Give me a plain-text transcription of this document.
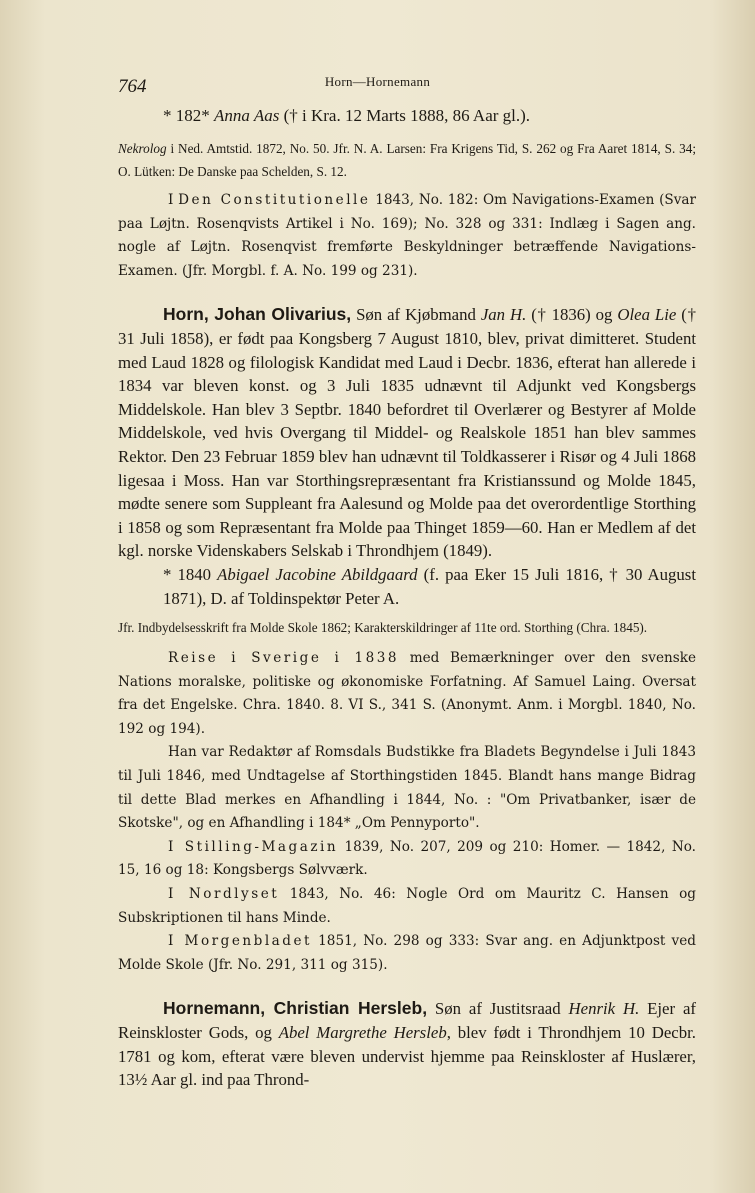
764	Horn—Hornemann

* 182* Anna Aas († i Kra. 12 Marts 1888, 86 Aar gl.).

Nekrolog i Ned. Amtstid. 1872, No. 50. Jfr. N. A. Larsen: Fra Krigens Tid, S. 262 og Fra Aaret 1814, S. 34; O. Lütken: De Danske paa Schelden, S. 12.

I Den Constitutionelle 1843, No. 182: Om Navigations-Examen (Svar paa Løjtn. Rosenqvists Artikel i No. 169); No. 328 og 331: Indlæg i Sagen ang. nogle af Løjtn. Rosenqvist fremførte Beskyldninger betræffende Navigations-Examen. (Jfr. Morgbl. f. A. No. 199 og 231).

Horn, Johan Olivarius, Søn af Kjøbmand Jan H. († 1836) og Olea Lie († 31 Juli 1858), er født paa Kongsberg 7 August 1810, blev, privat dimitteret. Student med Laud 1828 og filologisk Kandidat med Laud i Decbr. 1836, efterat han allerede i 1834 var bleven konst. og 3 Juli 1835 udnævnt til Adjunkt ved Kongsbergs Middelskole. Han blev 3 Septbr. 1840 befordret til Overlærer og Bestyrer af Molde Middelskole, ved hvis Overgang til Middel- og Realskole 1851 han blev sammes Rektor. Den 23 Februar 1859 blev han udnævnt til Toldkasserer i Risør og 4 Juli 1868 ligesaa i Moss. Han var Storthingsrepræsentant fra Kristianssund og Molde 1845, mødte senere som Suppleant fra Aalesund og Molde paa det overordentlige Storthing i 1858 og som Repræsentant fra Molde paa Thinget 1859—60. Han er Medlem af det kgl. norske Videnskabers Selskab i Throndhjem (1849).

* 1840 Abigael Jacobine Abildgaard (f. paa Eker 15 Juli 1816, † 30 August 1871), D. af Toldinspektør Peter A.

Jfr. Indbydelsesskrift fra Molde Skole 1862; Karakterskildringer af 11te ord. Storthing (Chra. 1845).

Reise i Sverige i 1838 med Bemærkninger over den svenske Nations moralske, politiske og økonomiske Forfatning. Af Samuel Laing. Oversat fra det Engelske. Chra. 1840. 8. VI S., 341 S. (Anonymt. Anm. i Morgbl. 1840, No. 192 og 194).

Han var Redaktør af Romsdals Budstikke fra Bladets Begyndelse i Juli 1843 til Juli 1846, med Undtagelse af Storthingstiden 1845. Blandt hans mange Bidrag til dette Blad merkes en Afhandling i 1844, No. : "Om Privatbanker, især de Skotske", og en Afhandling i 184* „Om Pennyporto".

I Stilling-Magazin 1839, No. 207, 209 og 210: Homer. — 1842, No. 15, 16 og 18: Kongsbergs Sølvværk.

I Nordlyset 1843, No. 46: Nogle Ord om Mauritz C. Hansen og Subskriptionen til hans Minde.

I Morgenbladet 1851, No. 298 og 333: Svar ang. en Adjunktpost ved Molde Skole (Jfr. No. 291, 311 og 315).

Hornemann, Christian Hersleb, Søn af Justitsraad Henrik H. Ejer af Reinskloster Gods, og Abel Margrethe Hersleb, blev født i Throndhjem 10 Decbr. 1781 og kom, efterat være bleven undervist hjemme paa Reinskloster af Huslærer, 13½ Aar gl. ind paa Thrond-
